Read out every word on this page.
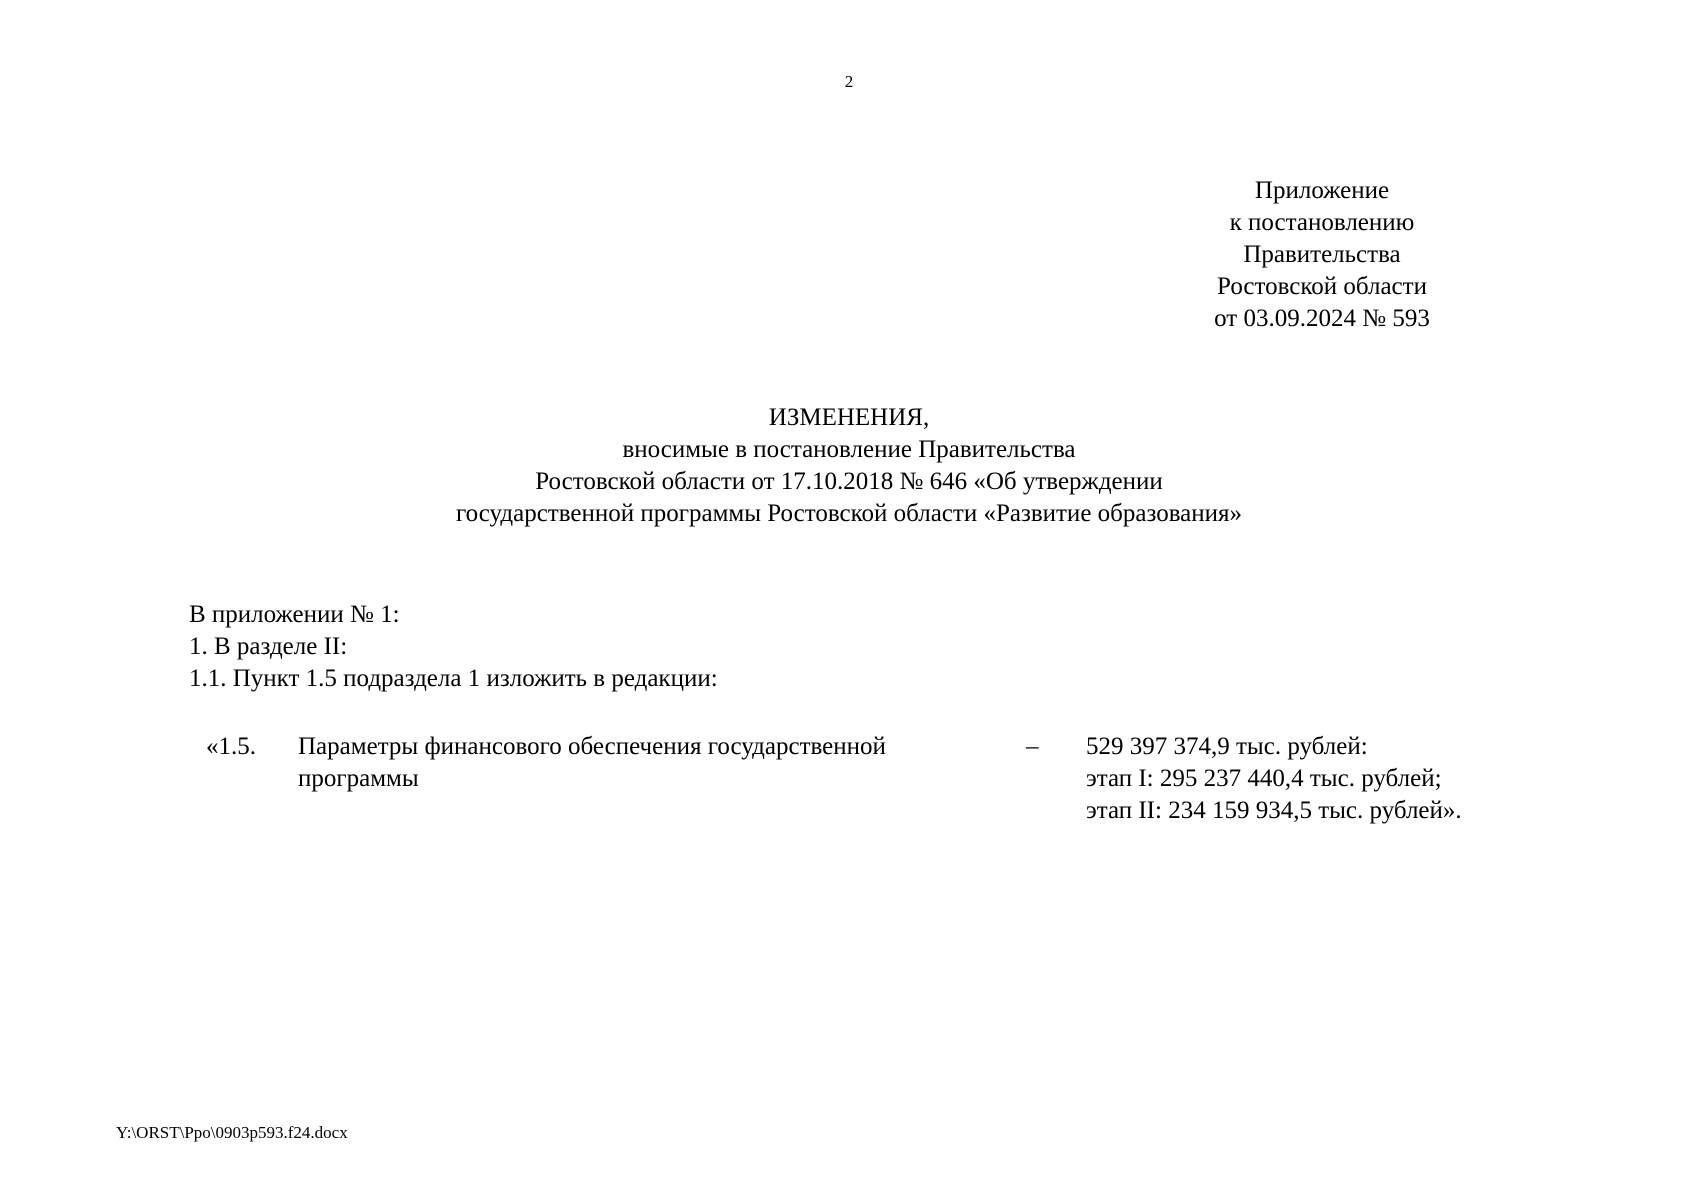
2
Приложение
к постановлению
Правительства
Ростовской области
от 03.09.2024 № 593
ИЗМЕНЕНИЯ,
вносимые в постановление Правительства
Ростовской области от 17.10.2018 № 646 «Об утверждении
государственной программы Ростовской области «Развитие образования»
В приложении № 1:
1. В разделе II:
1.1. Пункт 1.5 подраздела 1 изложить в редакции:
«1.5. Параметры финансового обеспечения государственной программы
– 529 397 374,9 тыс. рублей:
этап I: 295 237 440,4 тыс. рублей;
этап II: 234 159 934,5 тыс. рублей».
Y:\ORST\Ppo\0903p593.f24.docx
